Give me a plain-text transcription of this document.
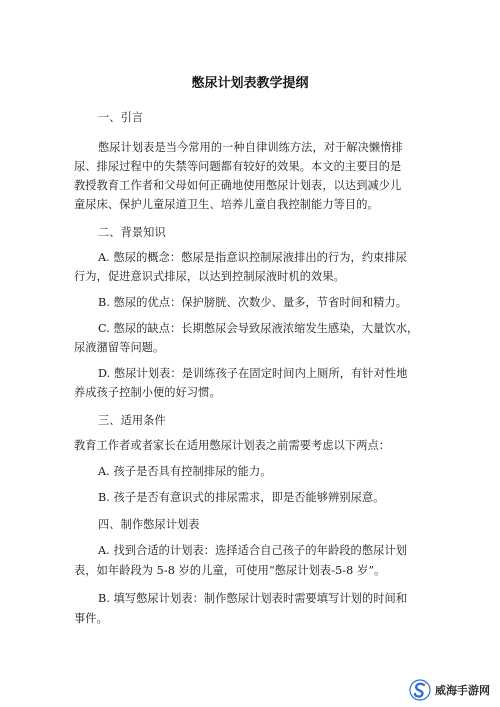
憋尿计划表教学提纲
一、引言
憋尿计划表是当今常用的一种自律训练方法，对于解决懒惰排
尿、排尿过程中的失禁等问题都有较好的效果。本文的主要目的是
教授教育工作者和父母如何正确地使用憋尿计划表，以达到减少儿
童尿床、保护儿童尿道卫生、培养儿童自我控制能力等目的。
二、背景知识
A. 憋尿的概念：憋尿是指意识控制尿液排出的行为，约束排尿
行为，促进意识式排尿，以达到控制尿液时机的效果。
B. 憋尿的优点：保护膀胱、次数少、量多，节省时间和精力。
C. 憋尿的缺点：长期憋尿会导致尿液浓缩发生感染，大量饮水，
尿液潴留等问题。
D. 憋尿计划表：是训练孩子在固定时间内上厕所，有针对性地
养成孩子控制小便的好习惯。
三、适用条件
教育工作者或者家长在适用憋尿计划表之前需要考虑以下两点：
A. 孩子是否具有控制排尿的能力。
B. 孩子是否有意识式的排尿需求，即是否能够辨别尿意。
四、制作憋尿计划表
A. 找到合适的计划表：选择适合自己孩子的年龄段的憋尿计划
表，如年龄段为 5-8 岁的儿童，可使用“憋尿计划表-5-8 岁”。
B. 填写憋尿计划表：制作憋尿计划表时需要填写计划的时间和
事件。
威海手游网
